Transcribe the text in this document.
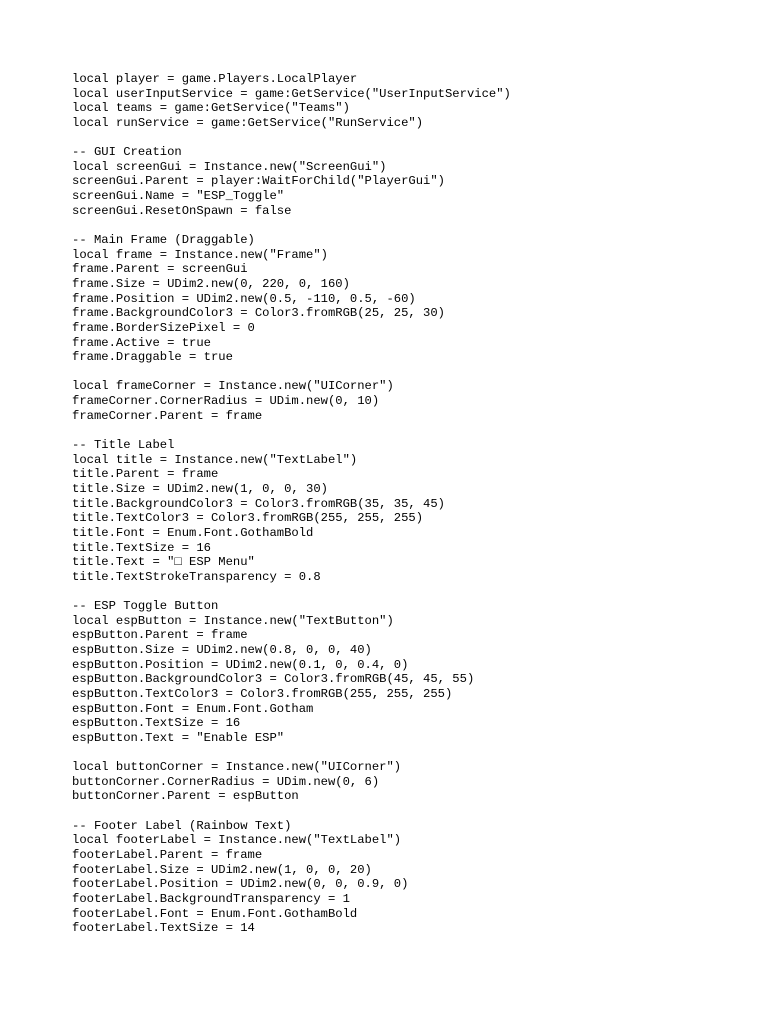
local player = game.Players.LocalPlayer
local userInputService = game:GetService("UserInputService")
local teams = game:GetService("Teams")
local runService = game:GetService("RunService")
-- GUI Creation
local screenGui = Instance.new("ScreenGui")
screenGui.Parent = player:WaitForChild("PlayerGui")
screenGui.Name = "ESP_Toggle"
screenGui.ResetOnSpawn = false
-- Main Frame (Draggable)
local frame = Instance.new("Frame")
frame.Parent = screenGui
frame.Size = UDim2.new(0, 220, 0, 160)
frame.Position = UDim2.new(0.5, -110, 0.5, -60)
frame.BackgroundColor3 = Color3.fromRGB(25, 25, 30)
frame.BorderSizePixel = 0
frame.Active = true
frame.Draggable = true
local frameCorner = Instance.new("UICorner")
frameCorner.CornerRadius = UDim.new(0, 10)
frameCorner.Parent = frame
-- Title Label
local title = Instance.new("TextLabel")
title.Parent = frame
title.Size = UDim2.new(1, 0, 0, 30)
title.BackgroundColor3 = Color3.fromRGB(35, 35, 45)
title.TextColor3 = Color3.fromRGB(255, 255, 255)
title.Font = Enum.Font.GothamBold
title.TextSize = 16
title.Text = "□ ESP Menu"
title.TextStrokeTransparency = 0.8
-- ESP Toggle Button
local espButton = Instance.new("TextButton")
espButton.Parent = frame
espButton.Size = UDim2.new(0.8, 0, 0, 40)
espButton.Position = UDim2.new(0.1, 0, 0.4, 0)
espButton.BackgroundColor3 = Color3.fromRGB(45, 45, 55)
espButton.TextColor3 = Color3.fromRGB(255, 255, 255)
espButton.Font = Enum.Font.Gotham
espButton.TextSize = 16
espButton.Text = "Enable ESP"
local buttonCorner = Instance.new("UICorner")
buttonCorner.CornerRadius = UDim.new(0, 6)
buttonCorner.Parent = espButton
-- Footer Label (Rainbow Text)
local footerLabel = Instance.new("TextLabel")
footerLabel.Parent = frame
footerLabel.Size = UDim2.new(1, 0, 0, 20)
footerLabel.Position = UDim2.new(0, 0, 0.9, 0)
footerLabel.BackgroundTransparency = 1
footerLabel.Font = Enum.Font.GothamBold
footerLabel.TextSize = 14
